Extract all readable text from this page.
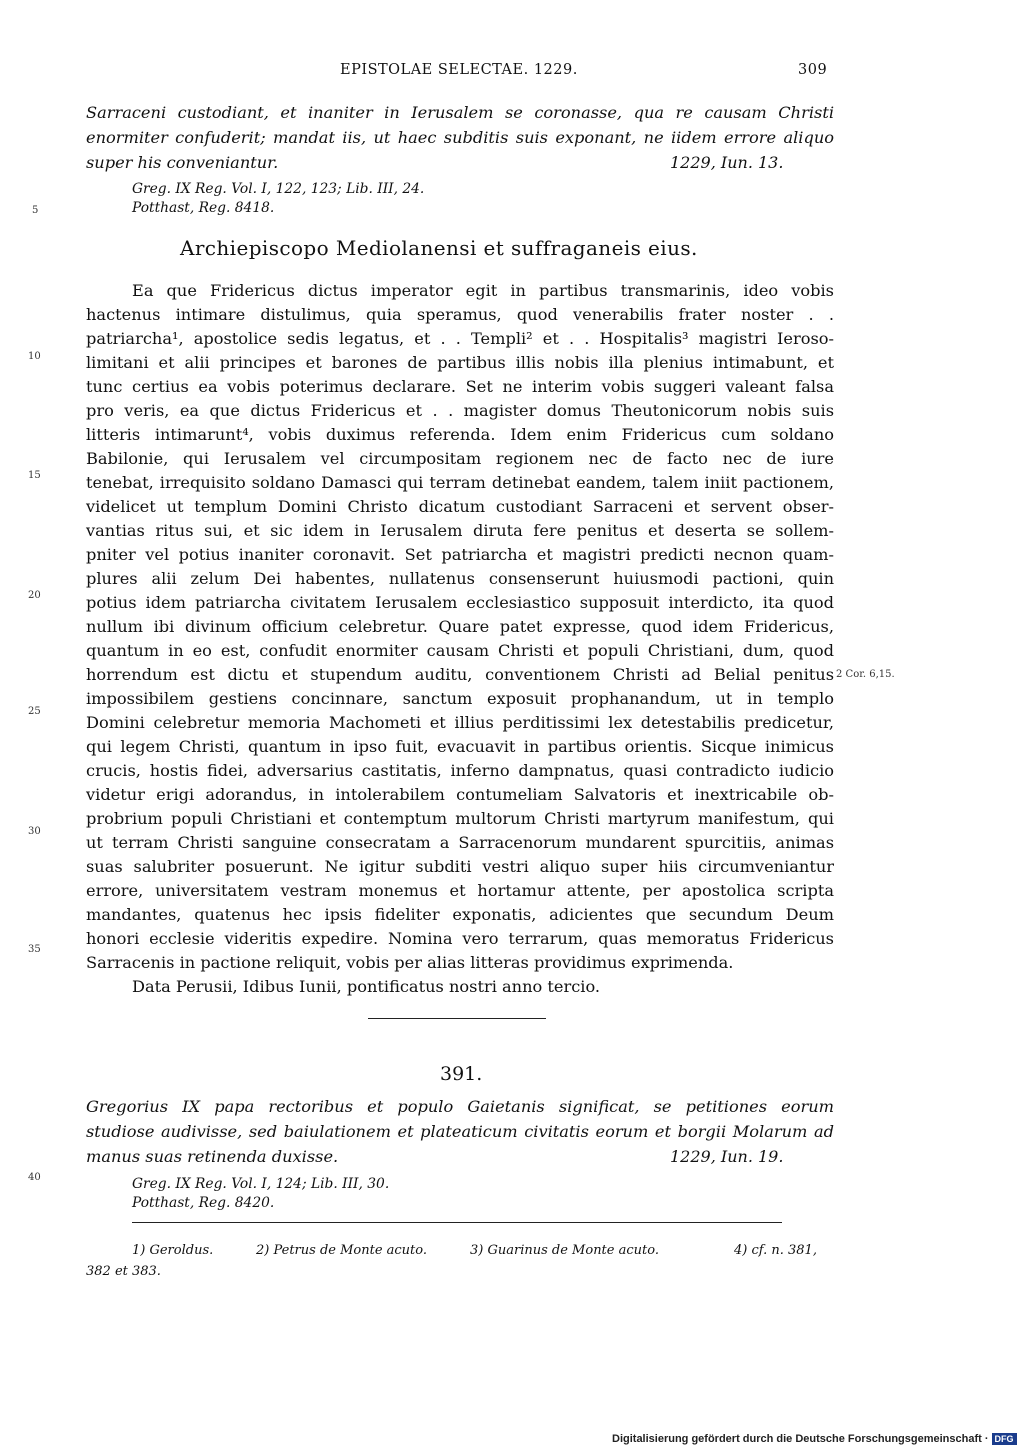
EPISTOLAE SELECTAE. 1229.	309
Sarraceni custodiant, et inaniter in Ierusalem se coronasse, qua re causam Christi
enormiter confuderit; mandat iis, ut haec subditis suis exponant, ne iidem errore aliquo
super his conveniantur.	1229, Iun. 13.
Greg. IX Reg. Vol. I, 122, 123; Lib. III, 24.
Potthast, Reg. 8418.
5
10
15
20
25
30
35
40
Archiepiscopo Mediolanensi et suffraganeis eius.
Ea que Fridericus dictus imperator egit in partibus transmarinis, ideo vobis
hactenus intimare distulimus, quia speramus, quod venerabilis frater noster . .
patriarcha¹, apostolice sedis legatus, et . . Templi² et . . Hospitalis³ magistri Ieroso-
limitani et alii principes et barones de partibus illis nobis illa plenius intimabunt, et
tunc certius ea vobis poterimus declarare. Set ne interim vobis suggeri valeant falsa
pro veris, ea que dictus Fridericus et . . magister domus Theutonicorum nobis suis
litteris intimarunt⁴, vobis duximus referenda. Idem enim Fridericus cum soldano
Babilonie, qui Ierusalem vel circumpositam regionem nec de facto nec de iure
tenebat, irrequisito soldano Damasci qui terram detinebat eandem, talem iniit pactionem,
videlicet ut templum Domini Christo dicatum custodiant Sarraceni et servent obser-
vantias ritus sui, et sic idem in Ierusalem diruta fere penitus et deserta se sollem-
pniter vel potius inaniter coronavit. Set patriarcha et magistri predicti necnon quam-
plures alii zelum Dei habentes, nullatenus consenserunt huiusmodi pactioni, quin
potius idem patriarcha civitatem Ierusalem ecclesiastico supposuit interdicto, ita quod
nullum ibi divinum officium celebretur. Quare patet expresse, quod idem Fridericus,
quantum in eo est, confudit enormiter causam Christi et populi Christiani, dum, quod
horrendum est dictu et stupendum auditu, conventionem Christi ad Belial penitus
impossibilem gestiens concinnare, sanctum exposuit prophanandum, ut in templo
Domini celebretur memoria Machometi et illius perditissimi lex detestabilis predicetur,
qui legem Christi, quantum in ipso fuit, evacuavit in partibus orientis. Sicque inimicus
crucis, hostis fidei, adversarius castitatis, inferno dampnatus, quasi contradicto iudicio
videtur erigi adorandus, in intolerabilem contumeliam Salvatoris et inextricabile ob-
probrium populi Christiani et contemptum multorum Christi martyrum manifestum, qui
ut terram Christi sanguine consecratam a Sarracenorum mundarent spurcitiis, animas
suas salubriter posuerunt. Ne igitur subditi vestri aliquo super hiis circumveniantur
errore, universitatem vestram monemus et hortamur attente, per apostolica scripta
mandantes, quatenus hec ipsis fideliter exponatis, adicientes que secundum Deum
honori ecclesie videritis expedire. Nomina vero terrarum, quas memoratus Fridericus
Sarracenis in pactione reliquit, vobis per alias litteras providimus exprimenda.
Data Perusii, Idibus Iunii, pontificatus nostri anno tercio.
2 Cor. 6,15.
391.
Gregorius IX papa rectoribus et populo Gaietanis significat, se petitiones eorum
studiose audivisse, sed baiulationem et plateaticum civitatis eorum et borgii Molarum ad
manus suas retinenda duxisse.	1229, Iun. 19.
Greg. IX Reg. Vol. I, 124; Lib. III, 30.
Potthast, Reg. 8420.
1) Geroldus.	2) Petrus de Monte acuto.	3) Guarinus de Monte acuto.	4) cf. n. 381,
382 et 383.
Digitalisierung gefördert durch die Deutsche Forschungsgemeinschaft · DFG
